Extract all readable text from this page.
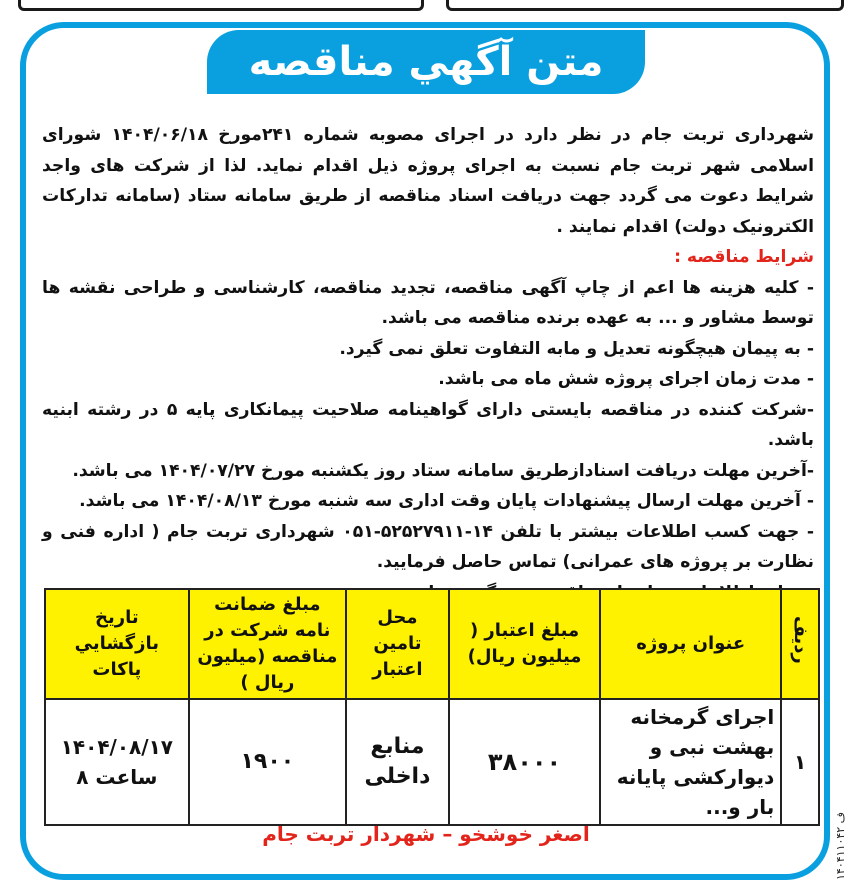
متن آگهي مناقصه

شهرداری تربت جام در نظر دارد در اجرای مصوبه شماره ۲۴۱مورخ ۱۴۰۴/۰۶/۱۸ شورای اسلامی شهر تربت جام نسبت به اجرای پروژه ذیل اقدام نماید. لذا از شرکت های واجد شرایط دعوت می گردد جهت دریافت اسناد مناقصه از طریق سامانه ستاد (سامانه تدارکات الکترونیک دولت) اقدام نمایند .

شرایط مناقصه :

- کلیه هزینه ها اعم از چاپ آگهی مناقصه، تجدید مناقصه، کارشناسی و طراحی نقشه ها توسط مشاور و ... به عهده برنده مناقصه می باشد.

- به پیمان هیچگونه تعدیل و مابه التفاوت تعلق نمی گیرد.

- مدت زمان اجرای پروژه شش ماه می باشد.

-شرکت کننده در مناقصه بایستی دارای گواهینامه صلاحیت پیمانکاری پایه ۵ در رشته ابنیه باشد.

-آخرین مهلت دریافت اسنادازطریق سامانه ستاد روز یکشنبه مورخ ۱۴۰۴/۰۷/۲۷ می باشد.

- آخرین مهلت ارسال پیشنهادات پایان وقت اداری سه شنبه مورخ ۱۴۰۴/۰۸/۱۳ می باشد.

- جهت کسب اطلاعات بیشتر با تلفن ۱۴-۵۲۵۲۷۹۱۱-۰۵۱ شهرداری تربت جام ( اداره فنی و نظارت بر پروژه های عمرانی) تماس حاصل فرمایید.

رديف	عنوان پروژه	مبلغ اعتبار ( میلیون ریال)	محل تامین اعتبار	مبلغ ضمانت نامه شرکت در مناقصه (میلیون ریال )	تاریخ بازگشايي پاکات
۱	اجرای گرمخانه بهشت نبی و دیوارکشی پایانه بار و...	۳۸۰۰۰	منابع داخلی	۱۹۰۰	۱۴۰۴/۰۸/۱۷ ساعت ۸
اصغر خوشخو – شهردار تربت جام	۱۴۰۴۱۱۰۴۲ ف
